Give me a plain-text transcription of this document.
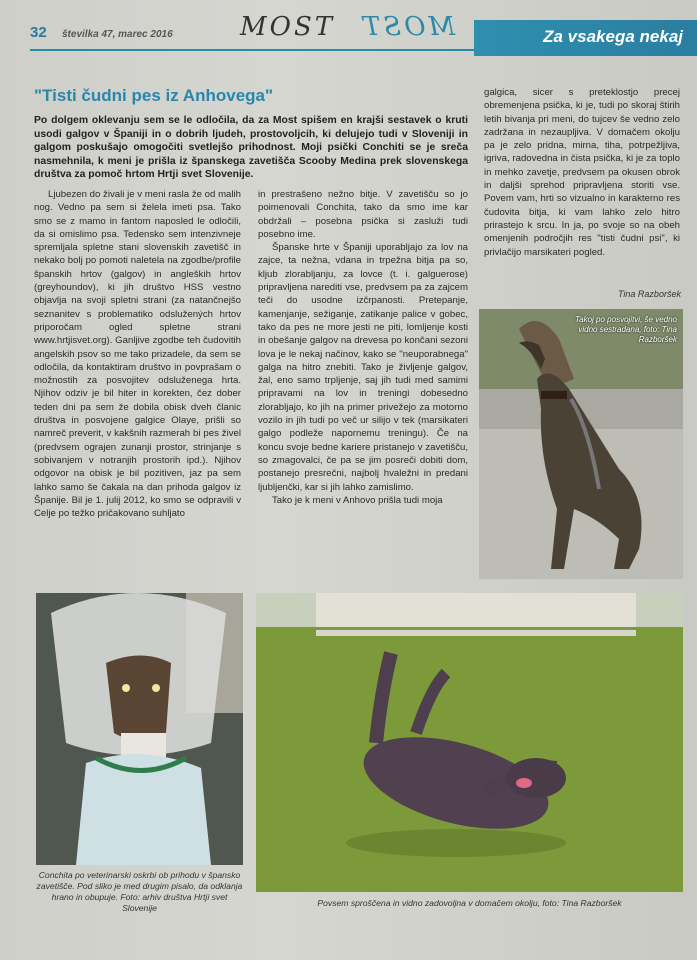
32 številka 47, marec 2016	MOST MOST	Za vsakega nekaj
"Tisti čudni pes iz Anhovega"
Po dolgem oklevanju sem se le odločila, da za Most spišem en krajši sestavek o kruti usodi galgov v Španiji in o dobrih ljudeh, prostovoljcih, ki delujejo tudi v Sloveniji in galgom poskušajo omogočiti svetlejšo prihodnost. Moji psički Conchiti se je sreča nasmehnila, k meni je prišla iz španskega zavetišča Scooby Medina prek slovenskega društva za pomoč hrtom Hrtji svet Slovenije.

Ljubezen do živali je v meni rasla že od malih nog. Vedno pa sem si želela imeti psa. Tako smo se z mamo in fantom naposled le odločili, da si omislimo psa. Tedensko sem intenzivneje spremljala spletne stani slovenskih zavetišč in nekako bolj po pomoti naletela na zgodbe/profile španskih hrtov (galgov) in angleških hrtov (greyhoundov), ki jih društvo HSS vestno objavlja na svoji spletni strani (za natančnejšo seznanitev s problematiko odslužených hrtov priporočam ogled spletne strani www.hrtjisvet.org). Ganljive zgodbe teh čudovitih angelskih psov so me tako prizadele, da sem se odločila, da kontaktiram društvo in povprašam o možnostih za posvojitev odsluženega hrta. Njihov odziv je bil hiter in korekten, čez dober teden dni pa sem že dobila obisk dveh članic društva in posvojene galgice Olaye, prišli so namreč preverit, v kakšnih razmerah bi pes živel (predvsem ograjen zunanji prostor, strinjanje s sobivanjem v notranjih prostorih ipd.). Njihov odgovor na obisk je bil pozitiven, jaz pa sem lahko samo še čakala na dan prihoda galgov iz Španije. Bil je 1. julij 2012, ko smo se odpravili v Celje po težko pričakovano suhljato

in prestrašeno nežno bitje. V zavetišču so jo poimenovali Conchita, tako da smo ime kar obdržali – posebna psička si zasluži tudi posebno ime.

Španske hrte v Španiji uporabljajo za lov na zajce, ta nežna, vdana in trpežna bitja pa so, kljub zlorabljanju, za lovce (t. i. galguerose) pripravljena narediti vse, predvsem pa za zajcem teči do usodne izčrpanosti. Pretepanje, kamenjanje, sežiganje, zatikanje palice v gobec, tako da pes ne more jesti ne piti, lomljenje kosti in obešanje galgov na drevesa po končani sezoni lova je le nekaj načinov, kako se "neuporabnega" galga na hitro znebiti. Tako je življenje galgov, žal, eno samo trpljenje, saj jih tudi med samimi pripravami na lov in treningi dobesedno zlorabljajo, ko jih na primer privežejo za motorno vozilo in jih tudi po več ur silijo v tek (marsikateri galgo podleže napornemu treningu). Če na koncu svoje bedne kariere pristanejo v zavetišču, so zmagovalci, če pa se jim posreči dobiti dom, postanejo presrečni, najbolj hvaležni in predani ljubljenčki, kar si jih lahko zamislimo.

Tako je k meni v Anhovo prišla tudi moja

galgica, sicer s preteklostjo precej obremenjena psička, ki je, tudi po skoraj štirih letih bivanja pri meni, do tujcev še vedno zelo zadržana in nezaupljiva. V domačem okolju pa je zelo pridna, mirna, tiha, potrpežljiva, igriva, radovedna in čista psička, ki je za toplo in mehko zavetje, predvsem pa okusen obrok in dalјši sprehod pripravljena storiti vse. Povem vam, hrti so vizualno in karakterno res čudovita bitja, ki vam lahko zelo hitro prirastejo k srcu. In ja, po svoje so na obeh omenjenih področjih res "tisti čudni psi", ki privlačijo marsikateri pogled.

Tina Razboršek
Takoj po posvojitvi, še vedno vidno sestradana, foto: Tina Razboršek
Conchita po veterinarski oskrbi ob prihodu v špansko zavetišče. Pod sliko je med drugim pisalo, da odklanja hrano in obupuje. Foto: arhiv društva Hrtji svet Slovenije	Povsem sproščena in vidno zadovoljna v domačem okolju, foto: Tina Razboršek
